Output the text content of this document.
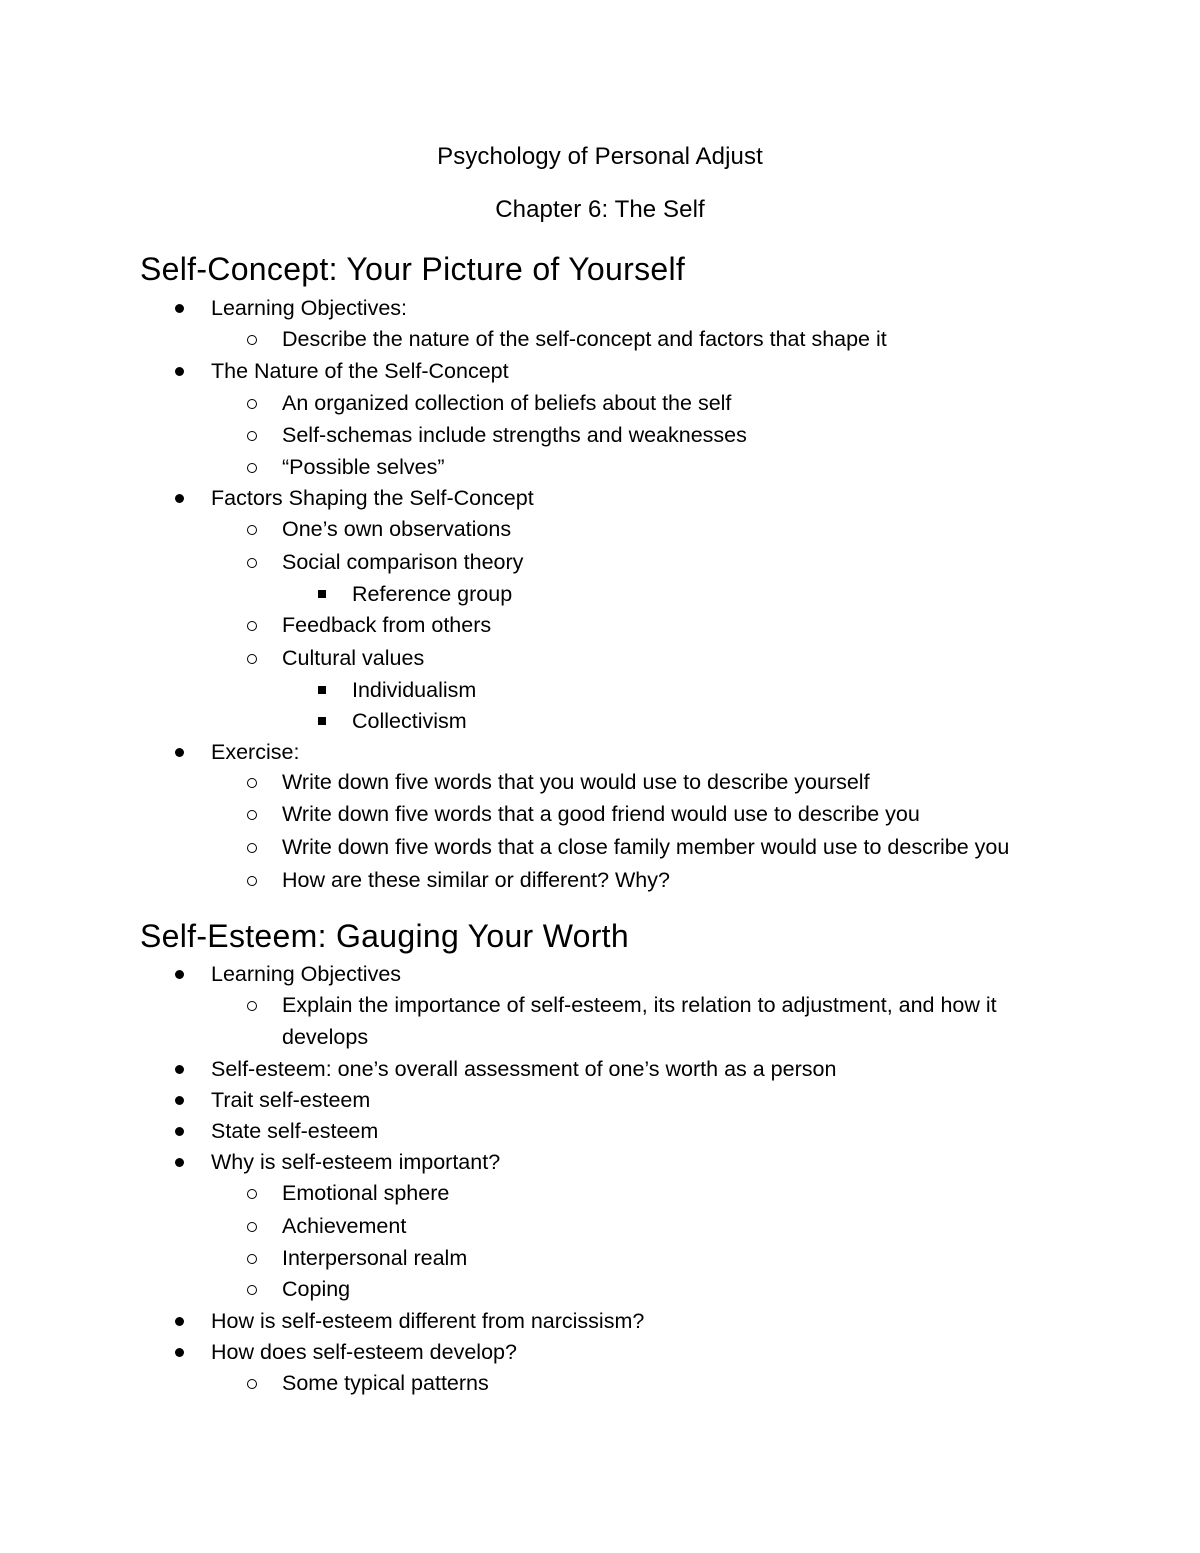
Psychology of Personal Adjust
Chapter 6: The Self
Self-Concept: Your Picture of Yourself
Learning Objectives:
Describe the nature of the self-concept and factors that shape it
The Nature of the Self-Concept
An organized collection of beliefs about the self
Self-schemas include strengths and weaknesses
“Possible selves”
Factors Shaping the Self-Concept
One’s own observations
Social comparison theory
Reference group
Feedback from others
Cultural values
Individualism
Collectivism
Exercise:
Write down five words that you would use to describe yourself
Write down five words that a good friend would use to describe you
Write down five words that a close family member would use to describe you
How are these similar or different? Why?
Self-Esteem: Gauging Your Worth
Learning Objectives
Explain the importance of self-esteem, its relation to adjustment, and how it develops
Self-esteem: one’s overall assessment of one’s worth as a person
Trait self-esteem
State self-esteem
Why is self-esteem important?
Emotional sphere
Achievement
Interpersonal realm
Coping
How is self-esteem different from narcissism?
How does self-esteem develop?
Some typical patterns
